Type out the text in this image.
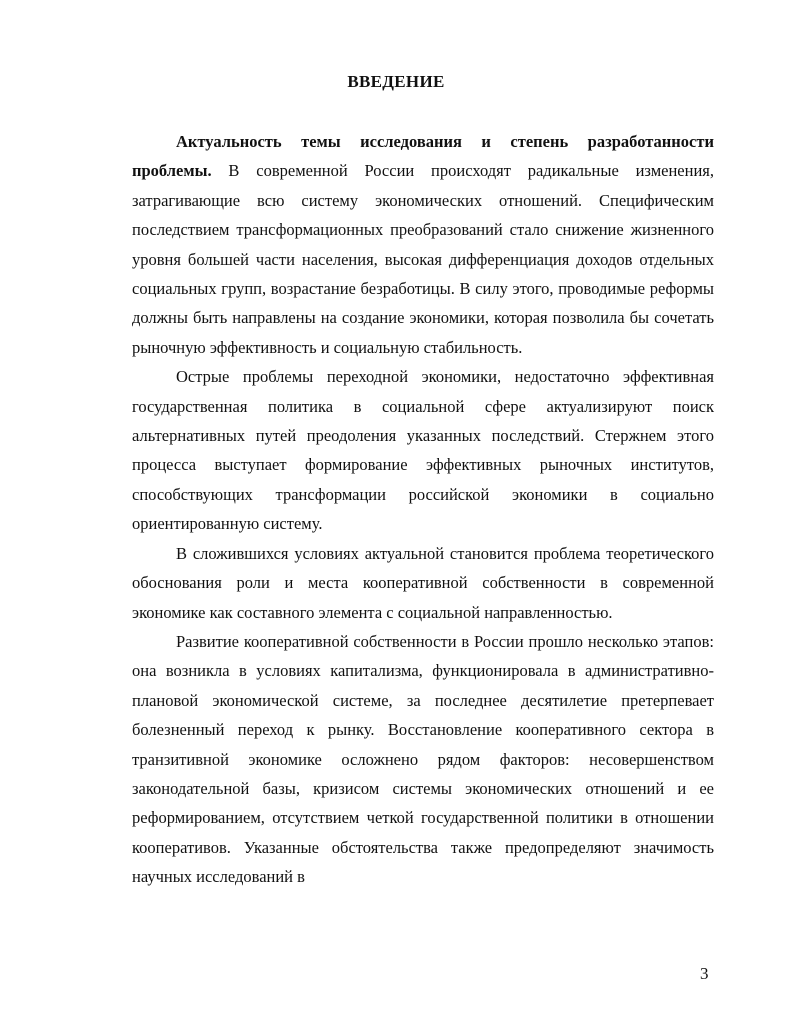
ВВЕДЕНИЕ

Актуальность темы исследования и степень разработанности проблемы. В современной России происходят радикальные изменения, затрагивающие всю систему экономических отношений. Специфическим последствием трансформационных преобразований стало снижение жизненного уровня большей части населения, высокая дифференциация доходов отдельных социальных групп, возрастание безработицы. В силу этого, проводимые реформы должны быть направлены на создание экономики, которая позволила бы сочетать рыночную эффективность и социальную стабильность.

Острые проблемы переходной экономики, недостаточно эффективная государственная политика в социальной сфере актуализируют поиск альтернативных путей преодоления указанных последствий. Стержнем этого процесса выступает формирование эффективных рыночных институтов, способствующих трансформации российской экономики в социально ориентированную систему.

В сложившихся условиях актуальной становится проблема теоретического обоснования роли и места кооперативной собственности в современной экономике как составного элемента с социальной направленностью.

Развитие кооперативной собственности в России прошло несколько этапов: она возникла в условиях капитализма, функционировала в административно-плановой экономической системе, за последнее десятилетие претерпевает болезненный переход к рынку. Восстановление кооперативного сектора в транзитивной экономике осложнено рядом факторов: несовершенством законодательной базы, кризисом системы экономических отношений и ее реформированием, отсутствием четкой государственной политики в отношении кооперативов. Указанные обстоятельства также предопределяют значимость научных исследований в

3
